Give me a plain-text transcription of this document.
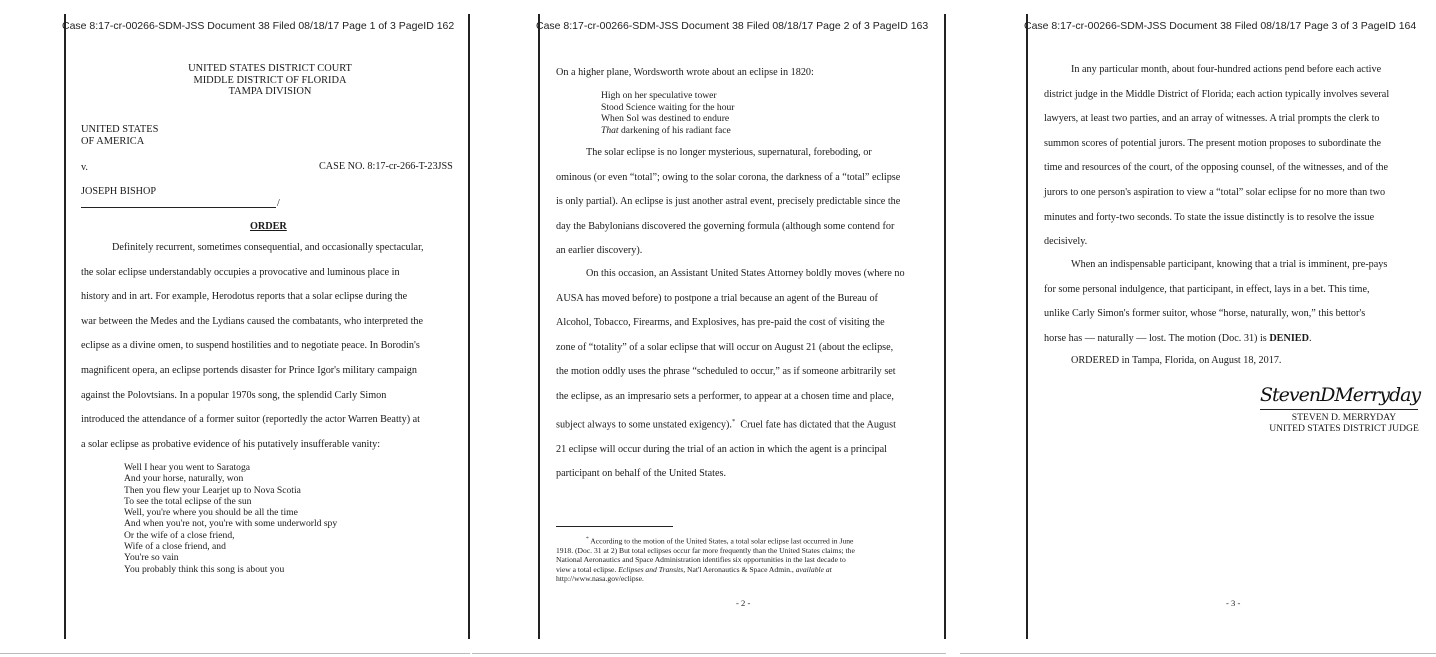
Case 8:17-cr-00266-SDM-JSS Document 38 Filed 08/18/17 Page 1 of 3 PageID 162
UNITED STATES DISTRICT COURT
MIDDLE DISTRICT OF FLORIDA
TAMPA DIVISION
UNITED STATES
OF AMERICA
v.	CASE NO. 8:17-cr-266-T-23JSS
JOSEPH BISHOP
/
ORDER
Definitely recurrent, sometimes consequential, and occasionally spectacular,
the solar eclipse understandably occupies a provocative and luminous place in
history and in art. For example, Herodotus reports that a solar eclipse during the
war between the Medes and the Lydians caused the combatants, who interpreted the
eclipse as a divine omen, to suspend hostilities and to negotiate peace. In Borodin's
magnificent opera, an eclipse portends disaster for Prince Igor's military campaign
against the Polovtsians. In a popular 1970s song, the splendid Carly Simon
introduced the attendance of a former suitor (reportedly the actor Warren Beatty) at
a solar eclipse as probative evidence of his putatively insufferable vanity:
Well I hear you went to Saratoga
And your horse, naturally, won
Then you flew your Learjet up to Nova Scotia
To see the total eclipse of the sun
Well, you're where you should be all the time
And when you're not, you're with some underworld spy
Or the wife of a close friend,
Wife of a close friend, and
You're so vain
You probably think this song is about you
Case 8:17-cr-00266-SDM-JSS Document 38 Filed 08/18/17 Page 2 of 3 PageID 163
On a higher plane, Wordsworth wrote about an eclipse in 1820:
High on her speculative tower
Stood Science waiting for the hour
When Sol was destined to endure
That darkening of his radiant face
The solar eclipse is no longer mysterious, supernatural, foreboding, or
ominous (or even “total”; owing to the solar corona, the darkness of a “total” eclipse
is only partial). An eclipse is just another astral event, precisely predictable since the
day the Babylonians discovered the governing formula (although some contend for
an earlier discovery).
On this occasion, an Assistant United States Attorney boldly moves (where no
AUSA has moved before) to postpone a trial because an agent of the Bureau of
Alcohol, Tobacco, Firearms, and Explosives, has pre-paid the cost of visiting the
zone of “totality” of a solar eclipse that will occur on August 21 (about the eclipse,
the motion oddly uses the phrase “scheduled to occur,” as if someone arbitrarily set
the eclipse, as an impresario sets a performer, to appear at a chosen time and place,
subject always to some unstated exigency).* Cruel fate has dictated that the August
21 eclipse will occur during the trial of an action in which the agent is a principal
participant on behalf of the United States.
* According to the motion of the United States, a total solar eclipse last occurred in June
1918. (Doc. 31 at 2) But total eclipses occur far more frequently than the United States claims; the
National Aeronautics and Space Administration identifies six opportunities in the last decade to
view a total eclipse. Eclipses and Transits, Nat'l Aeronautics & Space Admin., available at
http://www.nasa.gov/eclipse.
- 2 -
Case 8:17-cr-00266-SDM-JSS Document 38 Filed 08/18/17 Page 3 of 3 PageID 164
In any particular month, about four-hundred actions pend before each active
district judge in the Middle District of Florida; each action typically involves several
lawyers, at least two parties, and an array of witnesses. A trial prompts the clerk to
summon scores of potential jurors. The present motion proposes to subordinate the
time and resources of the court, of the opposing counsel, of the witnesses, and of the
jurors to one person's aspiration to view a “total” solar eclipse for no more than two
minutes and forty-two seconds. To state the issue distinctly is to resolve the issue
decisively.
When an indispensable participant, knowing that a trial is imminent, pre-pays
for some personal indulgence, that participant, in effect, lays in a bet. This time,
unlike Carly Simon's former suitor, whose “horse, naturally, won,” this bettor's
horse has — naturally — lost. The motion (Doc. 31) is DENIED.
ORDERED in Tampa, Florida, on August 18, 2017.
StevenDMerryday
STEVEN D. MERRYDAY
UNITED STATES DISTRICT JUDGE
- 3 -
